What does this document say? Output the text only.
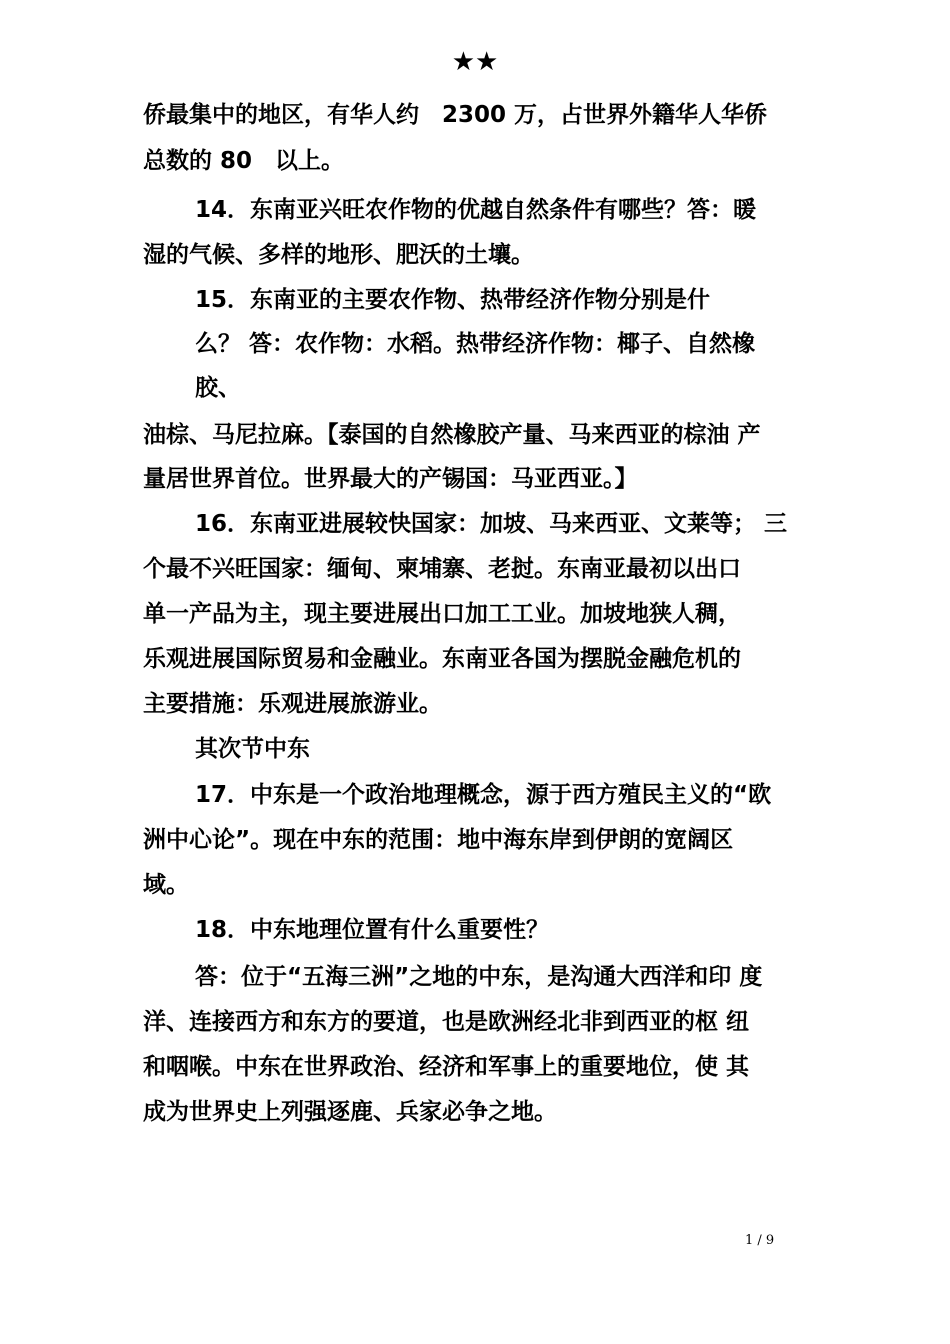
★★
侨最集中的地区，有华人约　2300 万，占世界外籍华人华侨
总数的 80　以上。
14．东南亚兴旺农作物的优越自然条件有哪些？答：暖
湿的气候、多样的地形、肥沃的土壤。
15．东南亚的主要农作物、热带经济作物分别是什
么？ 答：农作物：水稻。热带经济作物：椰子、自然橡
胶、
油棕、马尼拉麻。【泰国的自然橡胶产量、马来西亚的棕油 产
量居世界首位。世界最大的产锡国：马亚西亚。】
16．东南亚进展较快国家：加坡、马来西亚、文莱等； 三
个最不兴旺国家：缅甸、柬埔寨、老挝。东南亚最初以出口
单一产品为主，现主要进展出口加工工业。加坡地狭人稠，
乐观进展国际贸易和金融业。东南亚各国为摆脱金融危机的
主要措施：乐观进展旅游业。
其次节中东
17．中东是一个政治地理概念，源于西方殖民主义的“欧
洲中心论”。现在中东的范围：地中海东岸到伊朗的宽阔区
域。
18．中东地理位置有什么重要性？
答：位于“五海三洲”之地的中东，是沟通大西洋和印 度
洋、连接西方和东方的要道，也是欧洲经北非到西亚的枢 纽
和咽喉。中东在世界政治、经济和军事上的重要地位，使 其
成为世界史上列强逐鹿、兵家必争之地。
1 / 9
